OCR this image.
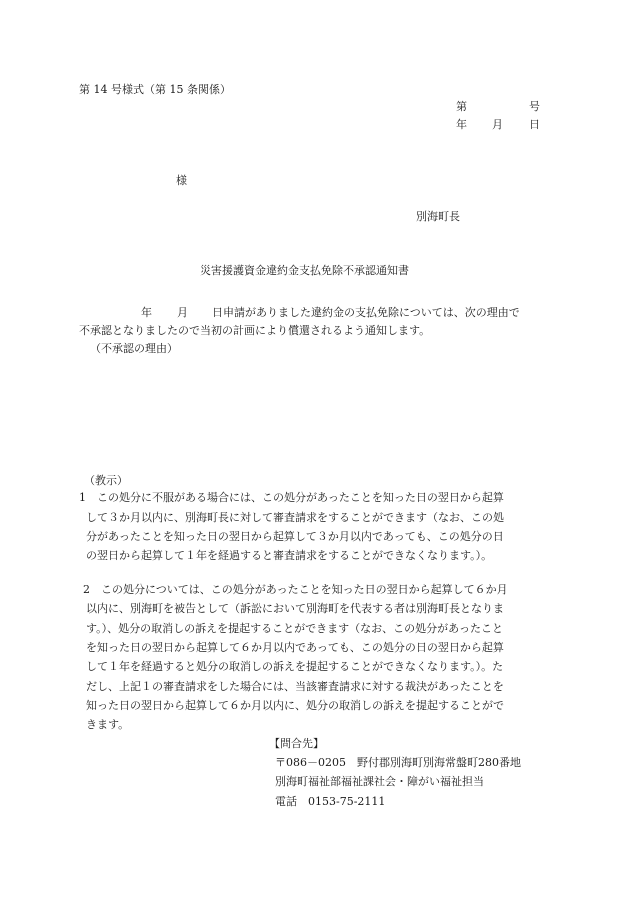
第 14 号様式（第 15 条関係）
第	号
年 月 日
様
別海町長
災害援護資金違約金支払免除不承認通知書
年 月 日申請がありました違約金の支払免除については、次の理由で
不承認となりましたので当初の計画により償還されるよう通知します。
（不承認の理由）
（教示）
1　この処分に不服がある場合には、この処分があったことを知った日の翌日から起算
して３か月以内に、別海町長に対して審査請求をすることができます（なお、この処
分があったことを知った日の翌日から起算して３か月以内であっても、この処分の日
の翌日から起算して１年を経過すると審査請求をすることができなくなります。）。
2　この処分については、この処分があったことを知った日の翌日から起算して６か月
以内に、別海町を被告として（訴訟において別海町を代表する者は別海町長となりま
す。）、処分の取消しの訴えを提起することができます（なお、この処分があったこと
を知った日の翌日から起算して６か月以内であっても、この処分の日の翌日から起算
して１年を経過すると処分の取消しの訴えを提起することができなくなります。）。た
だし、上記１の審査請求をした場合には、当該審査請求に対する裁決があったことを
知った日の翌日から起算して６か月以内に、処分の取消しの訴えを提起することがで
きます。
【問合先】
〒086－0205　野付郡別海町別海常盤町280番地
別海町福祉部福祉課社会・障がい福祉担当
電話　0153-75-2111
